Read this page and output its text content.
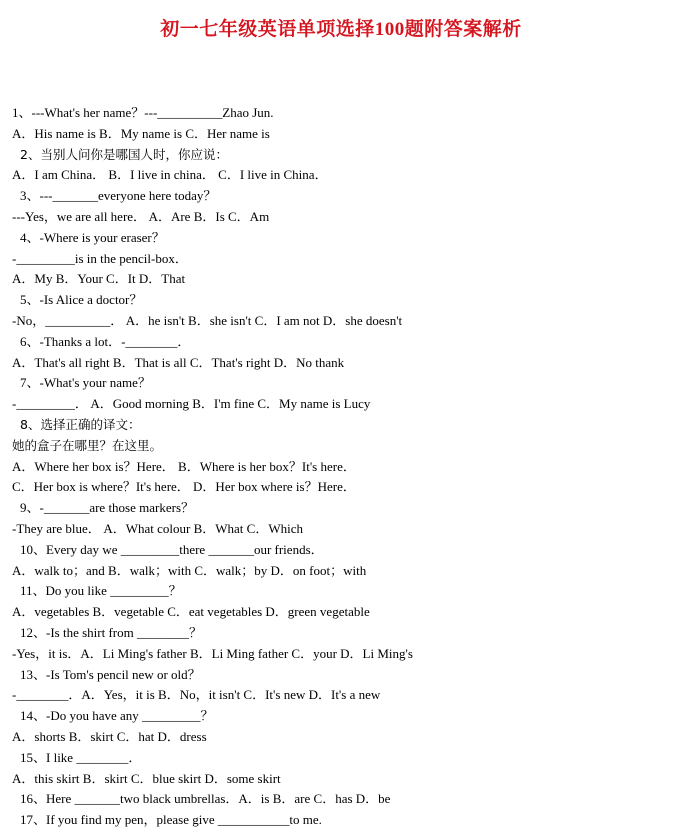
初一七年级英语单项选择100题附答案解析
1、---What's her name？---__________Zhao Jun.
A．His name is B．My name is C．Her name is
2、当别人问你是哪国人时，你应说：
A．I am China． B．I live in china． C．I live in China．
3、---_______everyone here today？
---Yes，we are all here． A．Are B．Is C．Am
4、-Where is your eraser？
-_________is in the pencil-box．
A．My B．Your C．It D．That
5、-Is Alice a doctor？
-No，__________． A．he isn't B．she isn't C．I am not D．she doesn't
6、-Thanks a lot．-________．
A．That's all right B．That is all C．That's right D．No thank
7、-What's your name？
-_________． A．Good morning B．I'm fine C．My name is Lucy
8、选择正确的译文：
她的盒子在哪里？在这里。
A．Where her box is？Here． B．Where is her box？It's here．
C．Her box is where？It's here． D．Her box where is？Here．
9、-_______are those markers？
-They are blue． A．What colour B．What C．Which
10、Every day we _________there _______our friends．
A．walk to；and B．walk；with C．walk；by D．on foot；with
11、Do you like _________？
A．vegetables B．vegetable C．eat vegetables D．green vegetable
12、-Is the shirt from ________？
-Yes，it is．A．Li Ming's father B．Li Ming father C．your D．Li Ming's
13、-Is Tom's pencil new or old？
-________．A．Yes，it is B．No，it isn't C．It's new D．It's a new
14、-Do you have any _________？
A．shorts B．skirt C．hat D．dress
15、I like ________．
A．this skirt B．skirt C．blue skirt D．some skirt
16、Here _______two black umbrellas．A．is B．are C．has D．be
17、If you find my pen，please give ___________to me.
